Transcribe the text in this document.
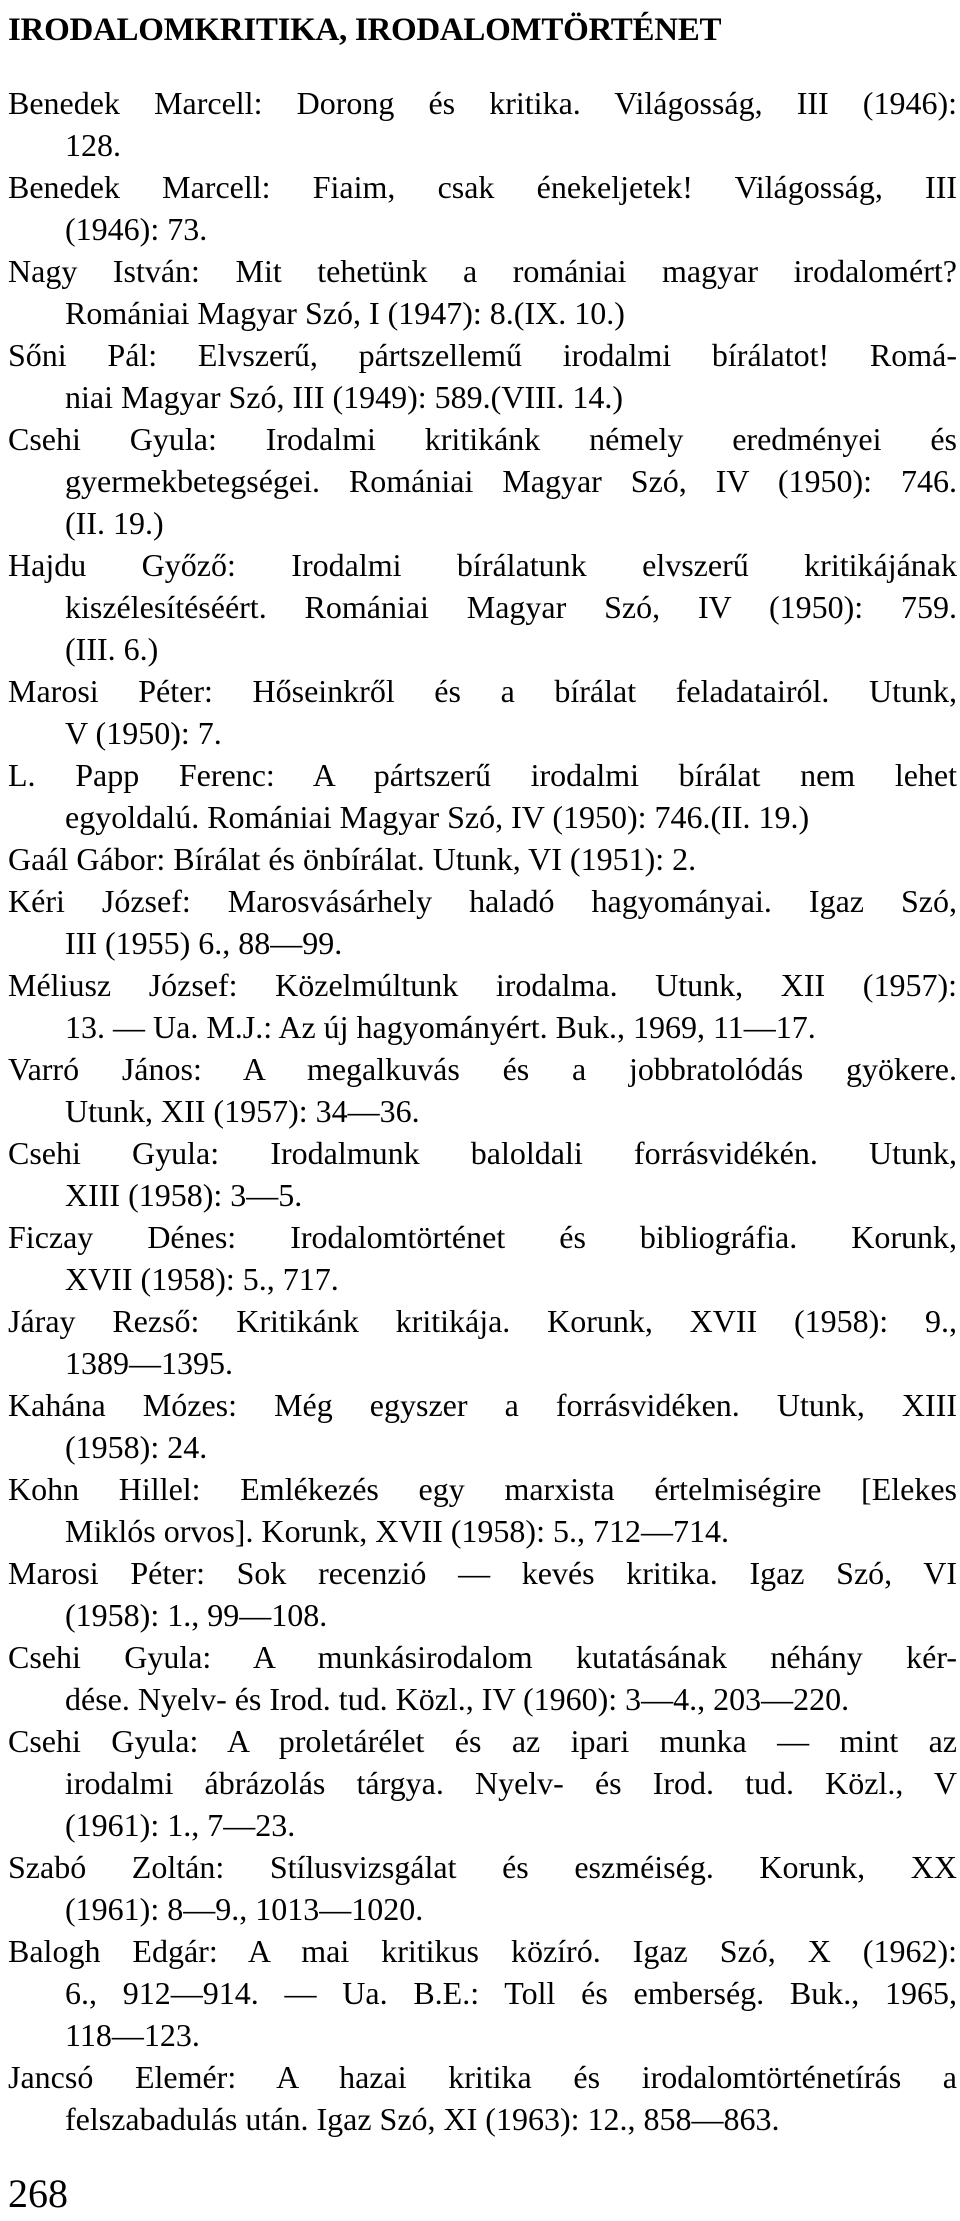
IRODALOMKRITIKA, IRODALOMTÖRTÉNET
Benedek Marcell: Dorong és kritika. Világosság, III (1946):
128.
Benedek Marcell: Fiaim, csak énekeljetek! Világosság, III
(1946): 73.
Nagy István: Mit tehetünk a romániai magyar irodalomért?
Romániai Magyar Szó, I (1947): 8.(IX. 10.)
Sőni Pál: Elvszerű, pártszellemű irodalmi bírálatot! Romá-
niai Magyar Szó, III (1949): 589.(VIII. 14.)
Csehi Gyula: Irodalmi kritikánk némely eredményei és
gyermekbetegségei. Romániai Magyar Szó, IV (1950): 746.
(II. 19.)
Hajdu Győző: Irodalmi bírálatunk elvszerű kritikájának
kiszélesítéséért. Romániai Magyar Szó, IV (1950): 759.
(III. 6.)
Marosi Péter: Hőseinkről és a bírálat feladatairól. Utunk,
V (1950): 7.
L. Papp Ferenc: A pártszerű irodalmi bírálat nem lehet
egyoldalú. Romániai Magyar Szó, IV (1950): 746.(II. 19.)
Gaál Gábor: Bírálat és önbírálat. Utunk, VI (1951): 2.
Kéri József: Marosvásárhely haladó hagyományai. Igaz Szó,
III (1955) 6., 88—99.
Méliusz József: Közelmúltunk irodalma. Utunk, XII (1957):
13. — Ua. M.J.: Az új hagyományért. Buk., 1969, 11—17.
Varró János: A megalkuvás és a jobbratolódás gyökere.
Utunk, XII (1957): 34—36.
Csehi Gyula: Irodalmunk baloldali forrásvidékén. Utunk,
XIII (1958): 3—5.
Ficzay Dénes: Irodalomtörténet és bibliográfia. Korunk,
XVII (1958): 5., 717.
Járay Rezső: Kritikánk kritikája. Korunk, XVII (1958): 9.,
1389—1395.
Kahána Mózes: Még egyszer a forrásvidéken. Utunk, XIII
(1958): 24.
Kohn Hillel: Emlékezés egy marxista értelmiségire [Elekes
Miklós orvos]. Korunk, XVII (1958): 5., 712—714.
Marosi Péter: Sok recenzió — kevés kritika. Igaz Szó, VI
(1958): 1., 99—108.
Csehi Gyula: A munkásirodalom kutatásának néhány kér-
dése. Nyelv- és Irod. tud. Közl., IV (1960): 3—4., 203—220.
Csehi Gyula: A proletárélet és az ipari munka — mint az
irodalmi ábrázolás tárgya. Nyelv- és Irod. tud. Közl., V
(1961): 1., 7—23.
Szabó Zoltán: Stílusvizsgálat és eszméiség. Korunk, XX
(1961): 8—9., 1013—1020.
Balogh Edgár: A mai kritikus közíró. Igaz Szó, X (1962):
6., 912—914. — Ua. B.E.: Toll és emberség. Buk., 1965,
118—123.
Jancsó Elemér: A hazai kritika és irodalomtörténetírás a
felszabadulás után. Igaz Szó, XI (1963): 12., 858—863.
268
